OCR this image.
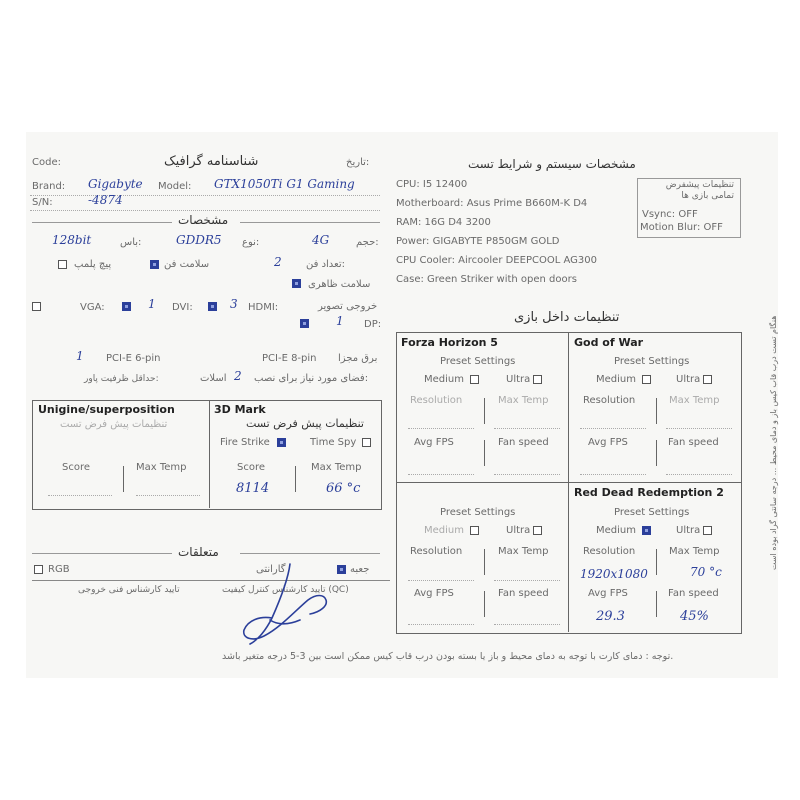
Code:	شناسنامه گرافیک	تاریخ:
Brand: Gigabyte Model: GTX1050Ti G1 Gaming
S/N:	-4874
مشخصات
128bit	باس:	GDDR5 نوع:	4G	حجم:
پیچ پلمپ	سلامت فن	2 تعداد فن:
سلامت ظاهری
VGA:	1 DVI:	3 HDMI:	خروجی تصویر
1 DP:
1 PCI-E 6-pin	PCI-E 8-pin برق مجزا
حداقل ظرفیت پاور:	اسلات 2 فضای مورد نیاز برای نصب:
Unigine/superposition
تنظیمات پیش فرض تست
Score	Max Temp
3D Mark
تنظیمات پیش فرض تست
Fire Strike	Time Spy
Score	Max Temp
8114	66 °c
متعلقات
RGB	گارانتی	جعبه
تایید کارشناس فنی خروجی	تایید کارشناس کنترل کیفیت (QC)
مشخصات سیستم و شرایط تست
CPU: I5 12400
Motherboard: Asus Prime B660M-K D4
RAM: 16G D4 3200
Power: GIGABYTE P850GM GOLD
CPU Cooler: Aircooler DEEPCOOL AG300
Case: Green Striker with open doors
تنظیمات پیشفرض تمامی بازی ها
Vsync: OFF
Motion Blur: OFF
هنگام تست درب قاب کیس باز و دمای محیط ... درجه سانتی گراد بوده است
تنظیمات داخل بازی
Forza Horizon 5
Preset Settings
Medium	Ultra
Resolution	Max Temp
Avg FPS	Fan speed
God of War
Preset Settings
Medium	Ultra
Resolution	Max Temp
Avg FPS	Fan speed
Preset Settings
Medium	Ultra
Resolution	Max Temp
Avg FPS	Fan speed
Red Dead Redemption 2
Preset Settings
Medium	Ultra
Resolution	Max Temp
1920x1080	70 °c
Avg FPS	Fan speed
29.3	45%
توجه : دمای کارت با توجه به دمای محیط و باز یا بسته بودن درب قاب کیس ممکن است بین 3-5 درجه متغیر باشد.
